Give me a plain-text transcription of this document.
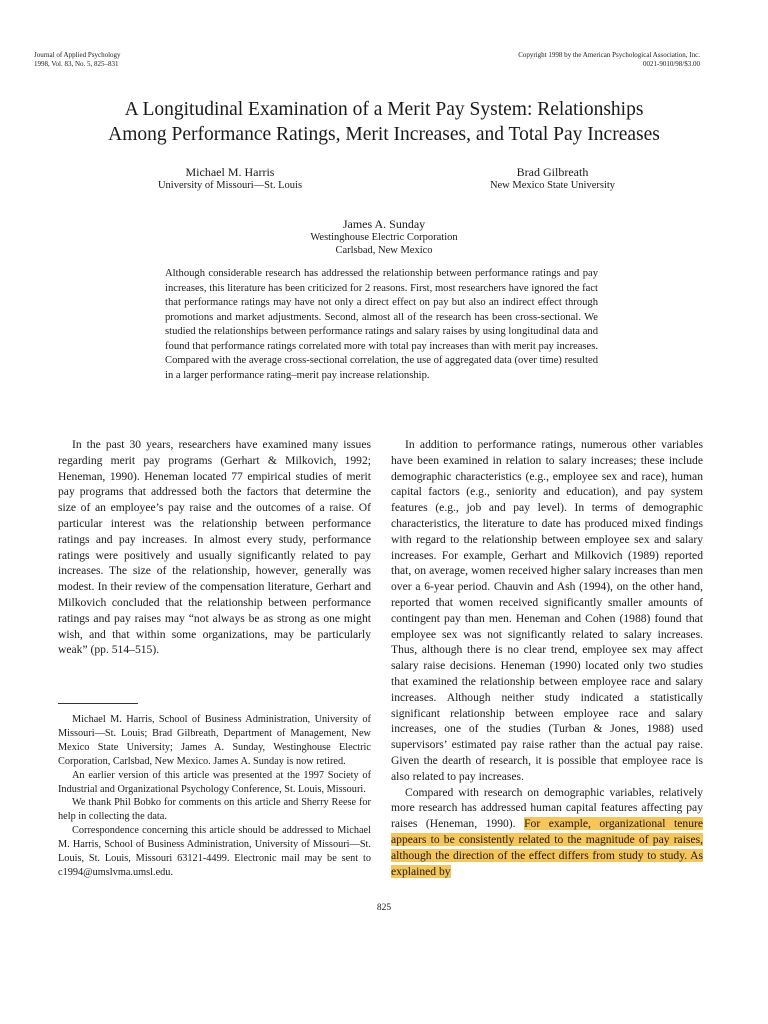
Journal of Applied Psychology
1998, Vol. 83, No. 5, 825–831
Copyright 1998 by the American Psychological Association, Inc.
0021-9010/98/$3.00
A Longitudinal Examination of a Merit Pay System: Relationships
Among Performance Ratings, Merit Increases, and Total Pay Increases
Michael M. Harris
University of Missouri—St. Louis
Brad Gilbreath
New Mexico State University
James A. Sunday
Westinghouse Electric Corporation
Carlsbad, New Mexico
Although considerable research has addressed the relationship between performance ratings and pay increases, this literature has been criticized for 2 reasons. First, most researchers have ignored the fact that performance ratings may have not only a direct effect on pay but also an indirect effect through promotions and market adjustments. Second, almost all of the research has been cross-sectional. We studied the relationships between performance ratings and salary raises by using longitudinal data and found that performance ratings correlated more with total pay increases than with merit pay increases. Compared with the average cross-sectional correlation, the use of aggregated data (over time) resulted in a larger performance rating–merit pay increase relationship.

In the past 30 years, researchers have examined many issues regarding merit pay programs (Gerhart & Milkovich, 1992; Heneman, 1990). Heneman located 77 empirical studies of merit pay programs that addressed both the factors that determine the size of an employee’s pay raise and the outcomes of a raise. Of particular interest was the relationship between performance ratings and pay increases. In almost every study, performance ratings were positively and usually significantly related to pay increases. The size of the relationship, however, generally was modest. In their review of the compensation literature, Gerhart and Milkovich concluded that the relationship between performance ratings and pay raises may “not always be as strong as one might wish, and that within some organizations, may be particularly weak” (pp. 514–515).

Michael M. Harris, School of Business Administration, University of Missouri—St. Louis; Brad Gilbreath, Department of Management, New Mexico State University; James A. Sunday, Westinghouse Electric Corporation, Carlsbad, New Mexico. James A. Sunday is now retired.

An earlier version of this article was presented at the 1997 Society of Industrial and Organizational Psychology Conference, St. Louis, Missouri.

We thank Phil Bobko for comments on this article and Sherry Reese for help in collecting the data.

Correspondence concerning this article should be addressed to Michael M. Harris, School of Business Administration, University of Missouri—St. Louis, St. Louis, Missouri 63121-4499. Electronic mail may be sent to c1994@umslvma.umsl.edu.

In addition to performance ratings, numerous other variables have been examined in relation to salary increases; these include demographic characteristics (e.g., employee sex and race), human capital factors (e.g., seniority and education), and pay system features (e.g., job and pay level). In terms of demographic characteristics, the literature to date has produced mixed findings with regard to the relationship between employee sex and salary increases. For example, Gerhart and Milkovich (1989) reported that, on average, women received higher salary increases than men over a 6-year period. Chauvin and Ash (1994), on the other hand, reported that women received significantly smaller amounts of contingent pay than men. Heneman and Cohen (1988) found that employee sex was not significantly related to salary increases. Thus, although there is no clear trend, employee sex may affect salary raise decisions. Heneman (1990) located only two studies that examined the relationship between employee race and salary increases. Although neither study indicated a statistically significant relationship between employee race and salary increases, one of the studies (Turban & Jones, 1988) used supervisors’ estimated pay raise rather than the actual pay raise. Given the dearth of research, it is possible that employee race is also related to pay increases.

Compared with research on demographic variables, relatively more research has addressed human capital features affecting pay raises (Heneman, 1990). For example, organizational tenure appears to be consistently related to the magnitude of pay raises, although the direction of the effect differs from study to study. As explained by

825
